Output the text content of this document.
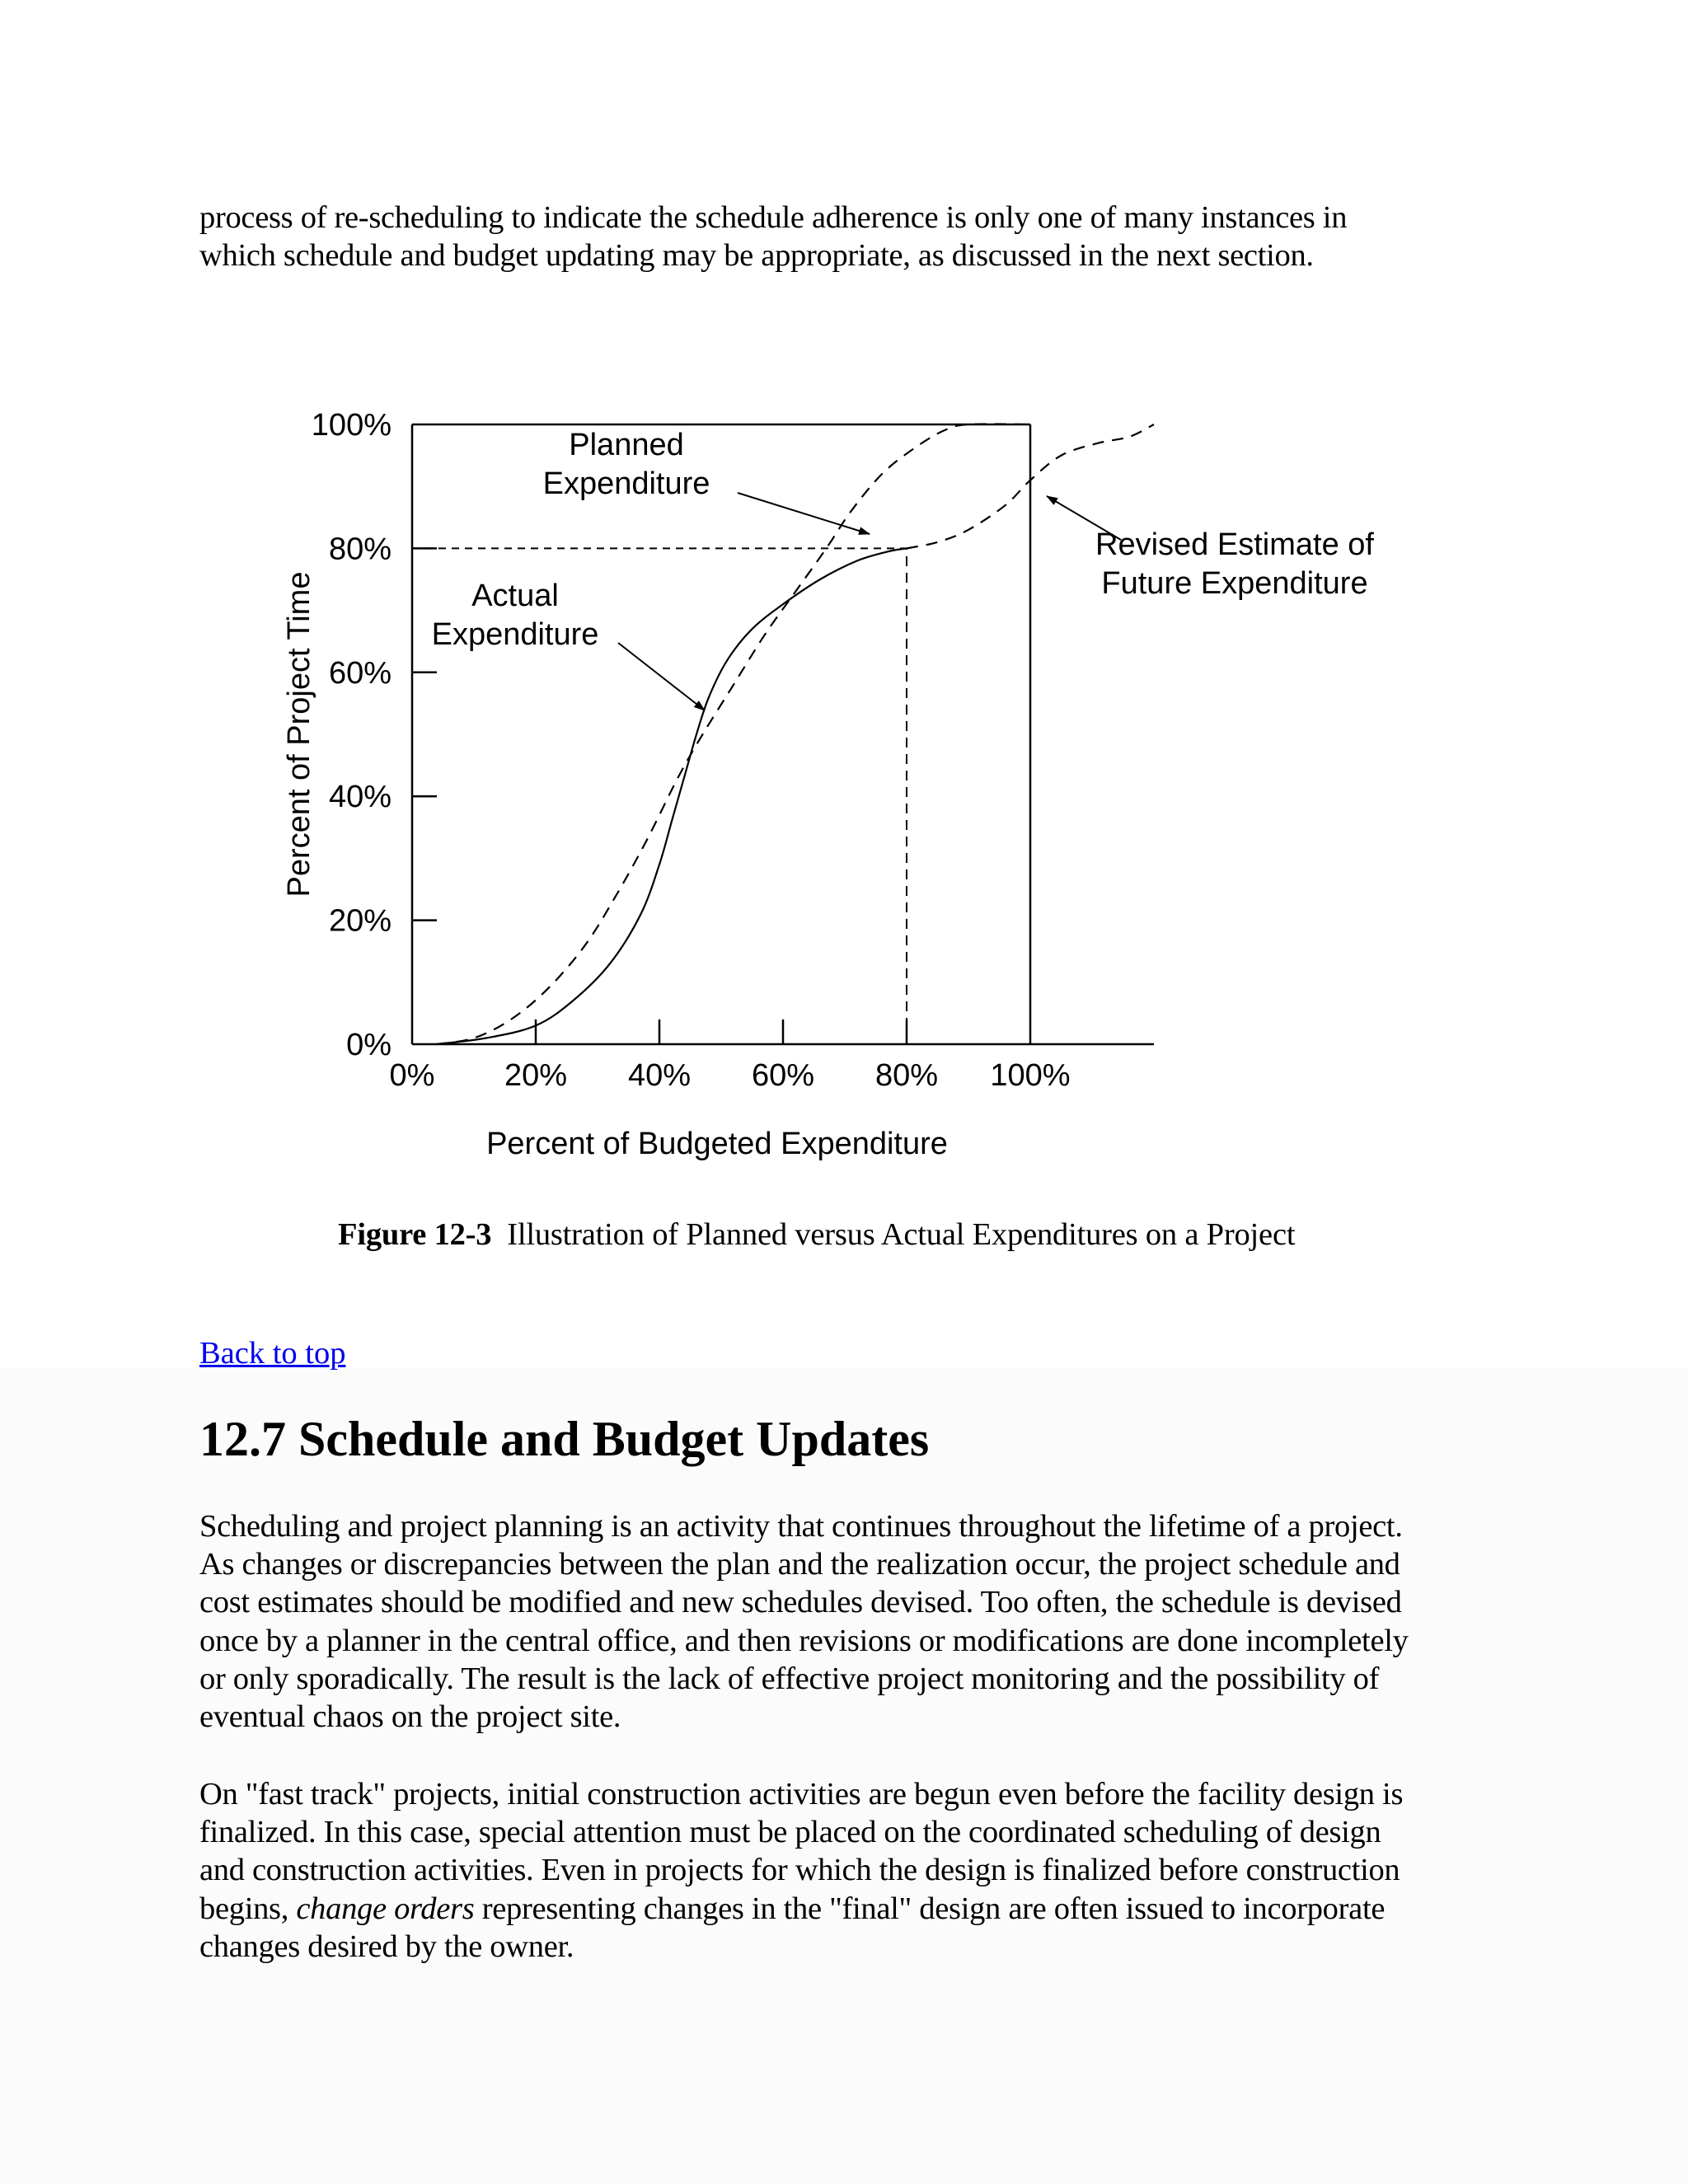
process of re-scheduling to indicate the schedule adherence is only one of many instances in
which schedule and budget updating may be appropriate, as discussed in the next section.

0%
20%
40%
60%
80%
100%
0% 20% 40% 60% 80% 100%
Percent of Budgeted Expenditure
Percent of Project Time
Planned
Expenditure
Actual
Expenditure
Revised Estimate of
Future Expenditure
Figure 12-3 Illustration of Planned versus Actual Expenditures on a Project
Back to top
12.7 Schedule and Budget Updates

Scheduling and project planning is an activity that continues throughout the lifetime of a project.
As changes or discrepancies between the plan and the realization occur, the project schedule and
cost estimates should be modified and new schedules devised. Too often, the schedule is devised
once by a planner in the central office, and then revisions or modifications are done incompletely
or only sporadically. The result is the lack of effective project monitoring and the possibility of
eventual chaos on the project site.

On "fast track" projects, initial construction activities are begun even before the facility design is
finalized. In this case, special attention must be placed on the coordinated scheduling of design
and construction activities. Even in projects for which the design is finalized before construction
begins, change orders representing changes in the "final" design are often issued to incorporate
changes desired by the owner.
